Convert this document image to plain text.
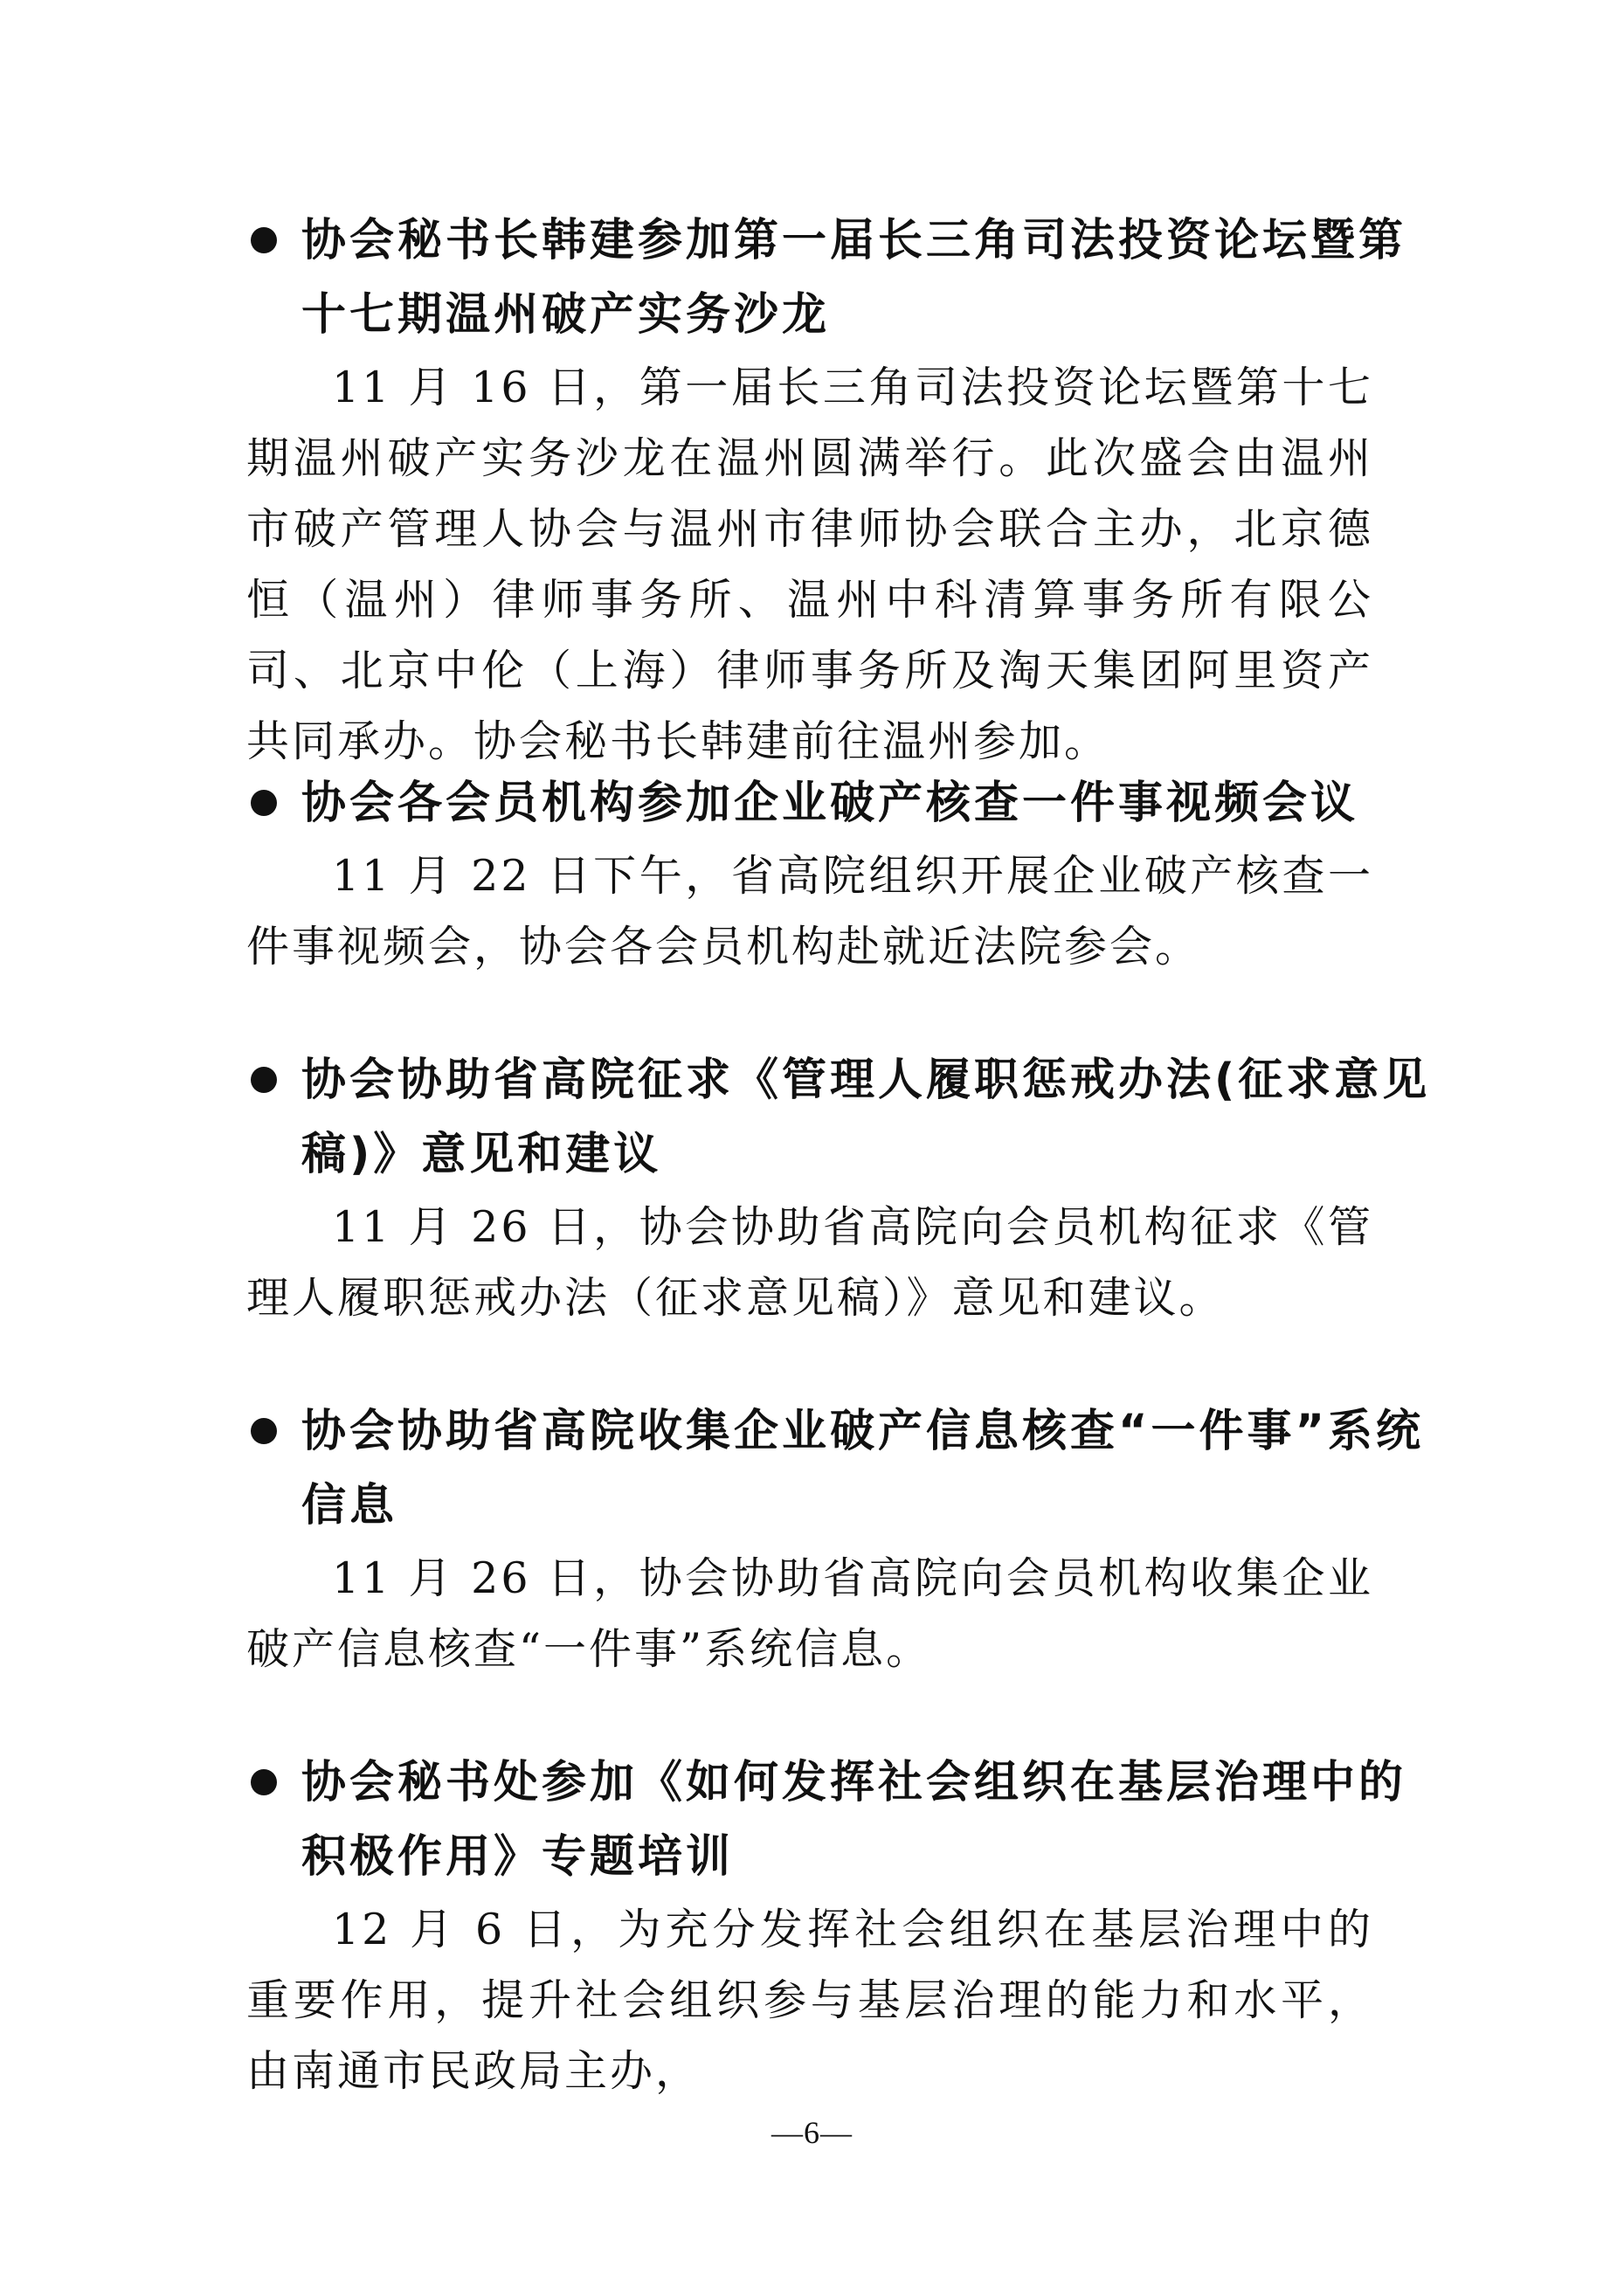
协会秘书长韩建参加第一届长三角司法投资论坛暨第十七期温州破产实务沙龙
11 月 16 日，第一届长三角司法投资论坛暨第十七期温州破产实务沙龙在温州圆满举行。此次盛会由温州市破产管理人协会与温州市律师协会联合主办，北京德恒（温州）律师事务所、温州中科清算事务所有限公司、北京中伦（上海）律师事务所及淘天集团阿里资产共同承办。协会秘书长韩建前往温州参加。
协会各会员机构参加企业破产核查一件事视频会议
11 月 22 日下午，省高院组织开展企业破产核查一件事视频会，协会各会员机构赴就近法院参会。
协会协助省高院征求《管理人履职惩戒办法(征求意见稿)》意见和建议
11 月 26 日，协会协助省高院向会员机构征求《管理人履职惩戒办法（征求意见稿）》意见和建议。
协会协助省高院收集企业破产信息核查“一件事”系统信息
11 月 26 日，协会协助省高院向会员机构收集企业破产信息核查“一件事”系统信息。
协会秘书处参加《如何发挥社会组织在基层治理中的积极作用》专题培训
12 月 6 日，为充分发挥社会组织在基层治理中的重要作用，提升社会组织参与基层治理的能力和水平，由南通市民政局主办，
—6—
